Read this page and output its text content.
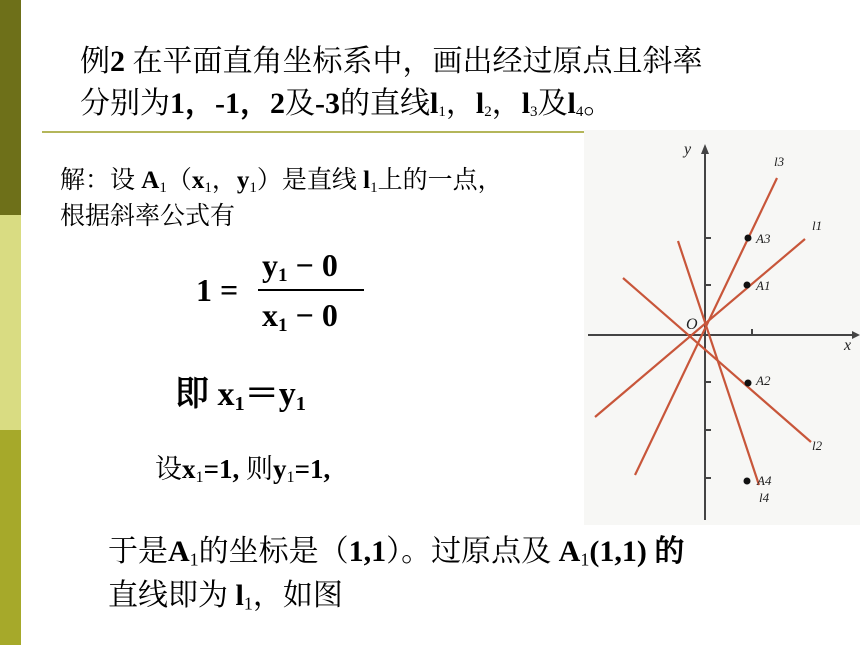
例2 在平面直角坐标系中，画出经过原点且斜率
分别为1，-1，2及-3的直线$l_1$，$l_2$，$l_3$及$l_4$。
解：设 $A_1(x_1$，$y_1$）是直线 $l_1$上的一点，
根据斜率公式有
1 =
$y_1 - 0$
$x_1 - 0$
即 $x_1=y_1$
设$x_1=1$, 则$y_1=1$,
于是$A_1$的坐标是（1,1）。过原点及 $A_1(1,1)$ 的
直线即为 $l_1$，如图
y
x
O
A3
A1
A2
A4
l3
l1
l2
l4
